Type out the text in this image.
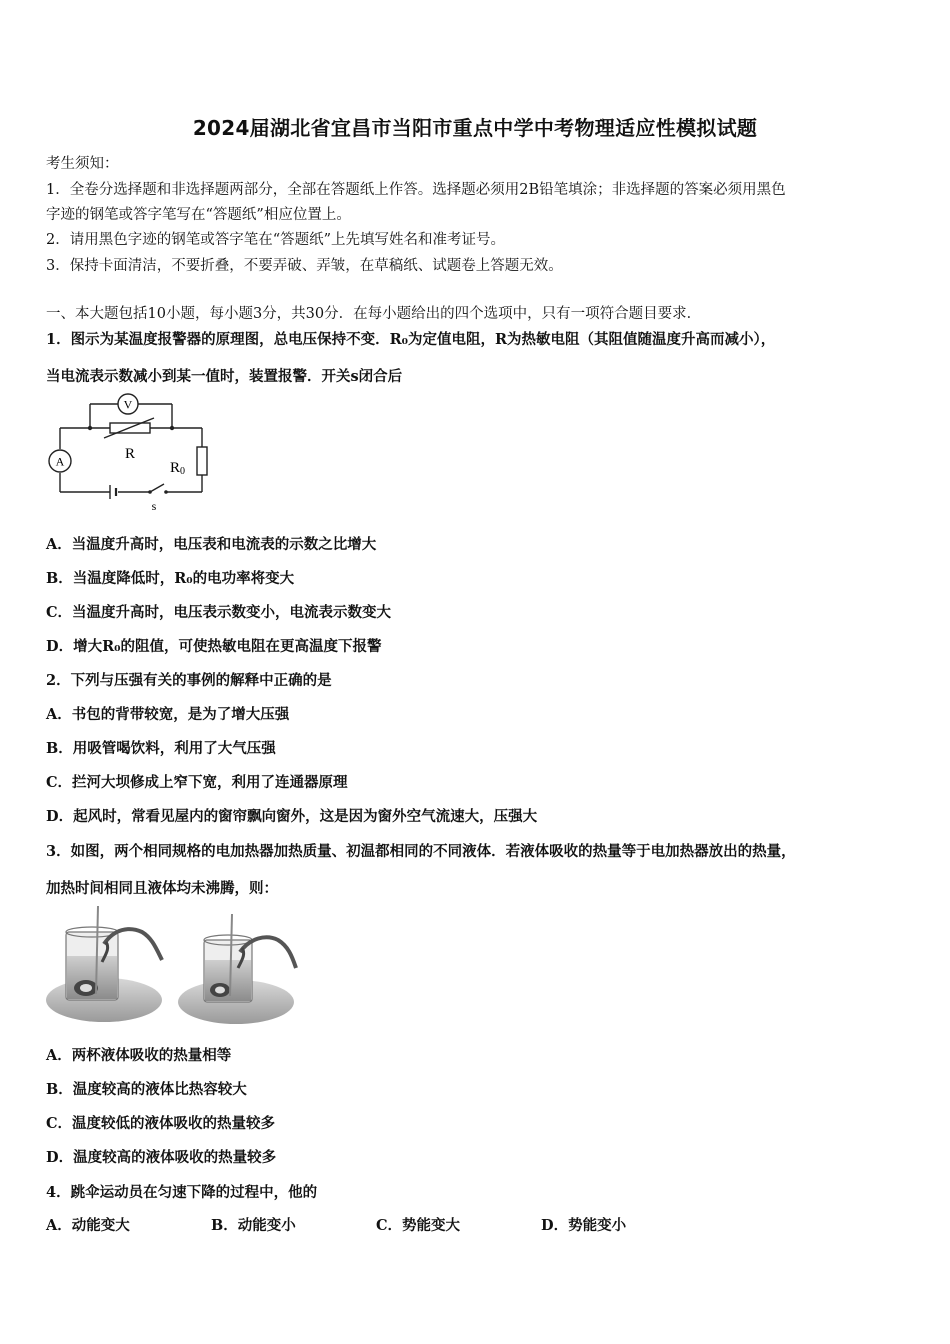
2024届湖北省宜昌市当阳市重点中学中考物理适应性模拟试题
考生须知：
1．全卷分选择题和非选择题两部分，全部在答题纸上作答。选择题必须用2B铅笔填涂；非选择题的答案必须用黑色
字迹的钢笔或答字笔写在“答题纸”相应位置上。
2．请用黑色字迹的钢笔或答字笔在“答题纸”上先填写姓名和准考证号。
3．保持卡面清洁，不要折叠，不要弄破、弄皱，在草稿纸、试题卷上答题无效。
一、本大题包括10小题，每小题3分，共30分．在每小题给出的四个选项中，只有一项符合题目要求．
1．图示为某温度报警器的原理图，总电压保持不变．R₀为定值电阻，R为热敏电阻（其阻值随温度升高而减小），
当电流表示数减小到某一值时，装置报警．开关s闭合后
V
A	R
R0
s
A．当温度升高时，电压表和电流表的示数之比增大
B．当温度降低时，R₀的电功率将变大
C．当温度升高时，电压表示数变小，电流表示数变大
D．增大R₀的阻值，可使热敏电阻在更高温度下报警
2．下列与压强有关的事例的解释中正确的是
A．书包的背带较宽，是为了增大压强
B．用吸管喝饮料，利用了大气压强
C．拦河大坝修成上窄下宽，利用了连通器原理
D．起风时，常看见屋内的窗帘飘向窗外，这是因为窗外空气流速大，压强大
3．如图，两个相同规格的电加热器加热质量、初温都相同的不同液体．若液体吸收的热量等于电加热器放出的热量，
加热时间相同且液体均未沸腾，则：
A．两杯液体吸收的热量相等
B．温度较高的液体比热容较大
C．温度较低的液体吸收的热量较多
D．温度较高的液体吸收的热量较多
4．跳伞运动员在匀速下降的过程中，他的
A．动能变大	B．动能变小	C．势能变大	D．势能变小
